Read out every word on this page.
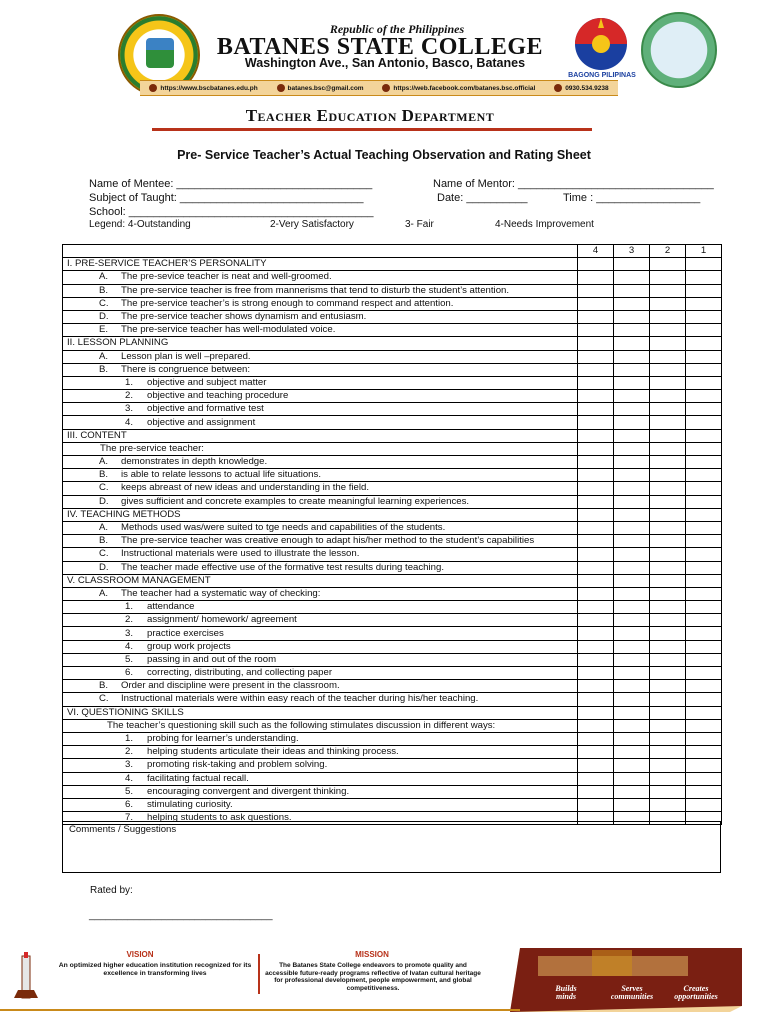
Republic of the Philippines
BATANES STATE COLLEGE
Washington Ave., San Antonio, Basco, Batanes
BAGONG PILIPINAS
https://www.bscbatanes.edu.ph	batanes.bsc@gmail.com	https://web.facebook.com/batanes.bsc.official	0930.534.9238
Teacher Education Department
Pre- Service Teacher’s Actual Teaching Observation and Rating Sheet
Name of Mentee: ________________________________	Name of Mentor: ________________________________
Subject of Taught: ______________________________	Date: __________	Time : _________________
School: ________________________________________
Legend: 4-Outstanding	2-Very Satisfactory	3- Fair	4-Needs Improvement
	4	3	2	1
I. PRE-SERVICE TEACHER’S PERSONALITY				
A. The pre-sevice teacher is neat and well-groomed.				
B. The pre-service teacher is free from mannerisms that tend to disturb the student’s attention.				
C. The pre-service teacher’s is strong enough to command respect and attention.				
D. The pre-service teacher shows dynamism and entusiasm.				
E. The pre-service teacher has well-modulated voice.				
II. LESSON PLANNING				
A. Lesson plan is well –prepared.				
B. There is congruence between:				
1. objective and subject matter				
2. objective and teaching procedure				
3. objective and formative test				
4. objective and assignment				
III. CONTENT				
The pre-service teacher:				
A. demonstrates in depth knowledge.				
B. is able to relate lessons to actual life situations.				
C. keeps abreast of new ideas and understanding in the field.				
D. gives sufficient and concrete examples to create meaningful learning experiences.				
IV. TEACHING METHODS				
A. Methods used was/were suited to tge needs and capabilities of the students.				
B. The pre-service teacher was creative enough to adapt his/her method to the student’s capabilities				
C. Instructional materials were used to illustrate the lesson.				
D. The teacher made effective use of the formative test results during teaching.				
V. CLASSROOM MANAGEMENT				
A. The teacher had a systematic way of checking:				
1. attendance				
2. assignment/ homework/ agreement				
3. practice exercises				
4. group work projects				
5. passing in and out of the room				
6. correcting, distributing, and collecting paper				
B. Order and discipline were present in the classroom.				
C. Instructional materials were within easy reach of the teacher during his/her teaching.				
VI. QUESTIONING SKILLS				
The teacher’s questioning skill such as the following stimulates discussion in different ways:				
1. probing for learner’s understanding.				
2. helping students articulate their ideas and thinking process.				
3. promoting risk-taking and problem solving.				
4. facilitating factual recall.				
5. encouraging convergent and divergent thinking.				
6. stimulating curiosity.				
7. helping students to ask questions.				
Comments / Suggestions
Rated by:
_________________________________
VISION
An optimized higher education institution recognized for its excellence in transforming lives
MISSION
The Batanes State College endeavors to promote quality and accessible future-ready programs reflective of Ivatan cultural heritage for professional development, people empowerment, and global competitiveness.	Builds minds
Serves communities
Creates opportunities
